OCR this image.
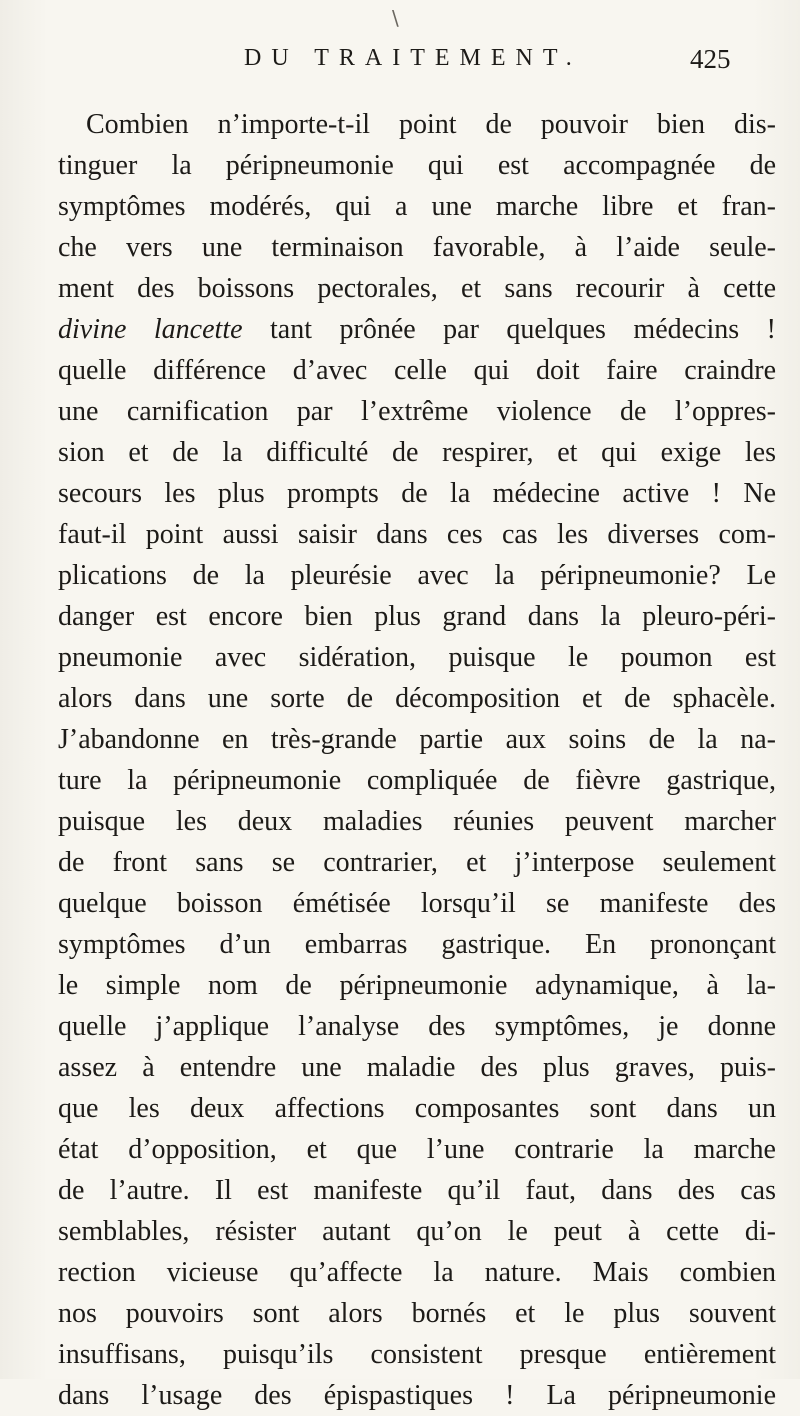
\
DU TRAITEMENT.	425
Combien n’importe-t-il point de pouvoir bien dis-
tinguer la péripneumonie qui est accompagnée de
symptômes modérés, qui a une marche libre et fran-
che vers une terminaison favorable, à l’aide seule-
ment des boissons pectorales, et sans recourir à cette
divine lancette tant prônée par quelques médecins !
quelle différence d’avec celle qui doit faire craindre
une carnification par l’extrême violence de l’oppres-
sion et de la difficulté de respirer, et qui exige les
secours les plus prompts de la médecine active ! Ne
faut-il point aussi saisir dans ces cas les diverses com-
plications de la pleurésie avec la péripneumonie? Le
danger est encore bien plus grand dans la pleuro-péri-
pneumonie avec sidération, puisque le poumon est
alors dans une sorte de décomposition et de sphacèle.
J’abandonne en très-grande partie aux soins de la na-
ture la péripneumonie compliquée de fièvre gastrique,
puisque les deux maladies réunies peuvent marcher
de front sans se contrarier, et j’interpose seulement
quelque boisson émétisée lorsqu’il se manifeste des
symptômes d’un embarras gastrique. En prononçant
le simple nom de péripneumonie adynamique, à la-
quelle j’applique l’analyse des symptômes, je donne
assez à entendre une maladie des plus graves, puis-
que les deux affections composantes sont dans un
état d’opposition, et que l’une contrarie la marche
de l’autre. Il est manifeste qu’il faut, dans des cas
semblables, résister autant qu’on le peut à cette di-
rection vicieuse qu’affecte la nature. Mais combien
nos pouvoirs sont alors bornés et le plus souvent
insuffisans, puisqu’ils consistent presque entièrement
dans l’usage des épispastiques ! La péripneumonie
